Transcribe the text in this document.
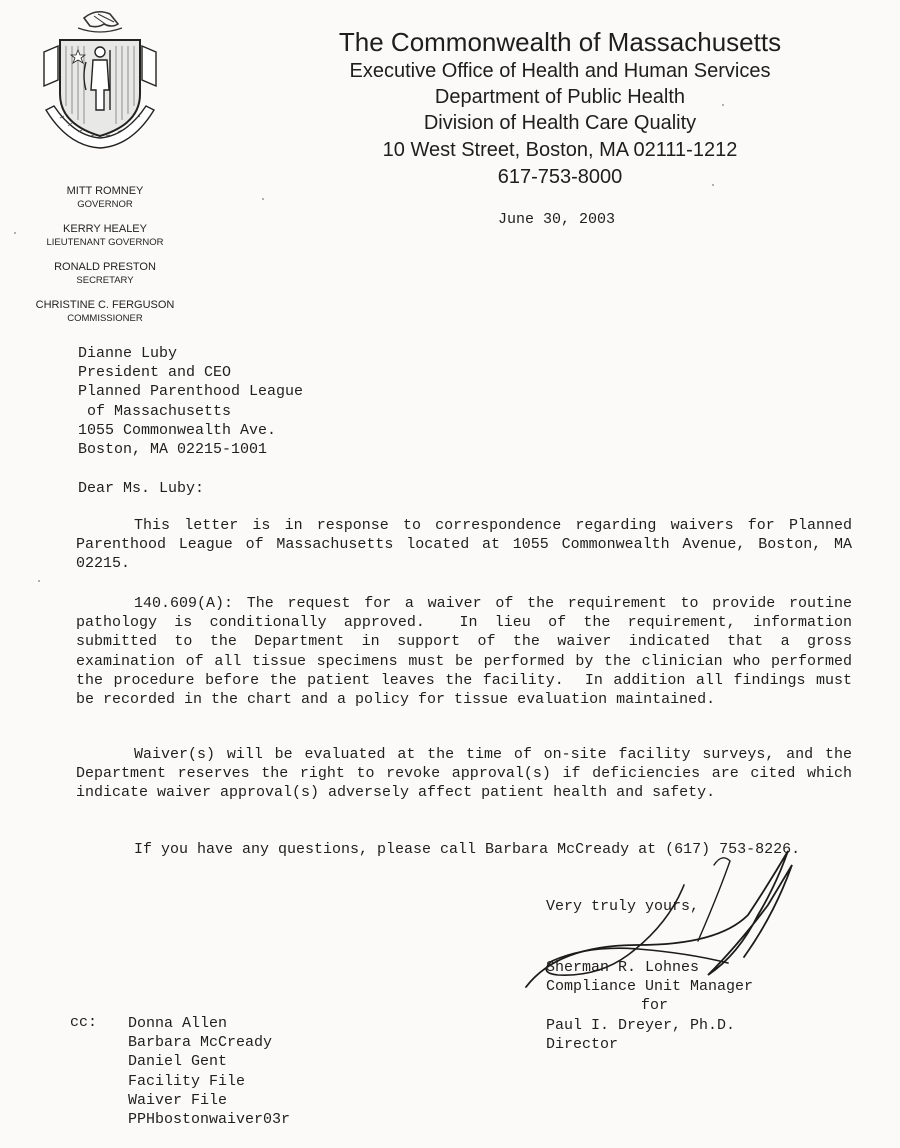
The Commonwealth of Massachusetts
Executive Office of Health and Human Services
Department of Public Health
Division of Health Care Quality
10 West Street, Boston, MA 02111-1212
617-753-8000
MITT ROMNEY
GOVERNOR
KERRY HEALEY
LIEUTENANT GOVERNOR
RONALD PRESTON
SECRETARY
CHRISTINE C. FERGUSON
COMMISSIONER
June 30, 2003
Dianne Luby
President and CEO
Planned Parenthood League
of Massachusetts
1055 Commonwealth Ave.
Boston, MA 02215-1001
Dear Ms. Luby:

This letter is in response to correspondence regarding waivers for Planned Parenthood League of Massachusetts located at 1055 Commonwealth Avenue, Boston, MA 02215.

140.609(A): The request for a waiver of the requirement to provide routine pathology is conditionally approved.  In lieu of the requirement, information submitted to the Department in support of the waiver indicated that a gross examination of all tissue specimens must be performed by the clinician who performed the procedure before the patient leaves the facility.  In addition all findings must be recorded in the chart and a policy for tissue evaluation maintained.

Waiver(s) will be evaluated at the time of on-site facility surveys, and the Department reserves the right to revoke approval(s) if deficiencies are cited which indicate waiver approval(s) adversely affect patient health and safety.

If you have any questions, please call Barbara McCready at (617) 753-8226.

Very truly yours,
Sherman R. Lohnes
Compliance Unit Manager
for
Paul I. Dreyer, Ph.D.
Director
cc: Donna Allen
Barbara McCready
Daniel Gent
Facility File
Waiver File
PPHbostonwaiver03r
